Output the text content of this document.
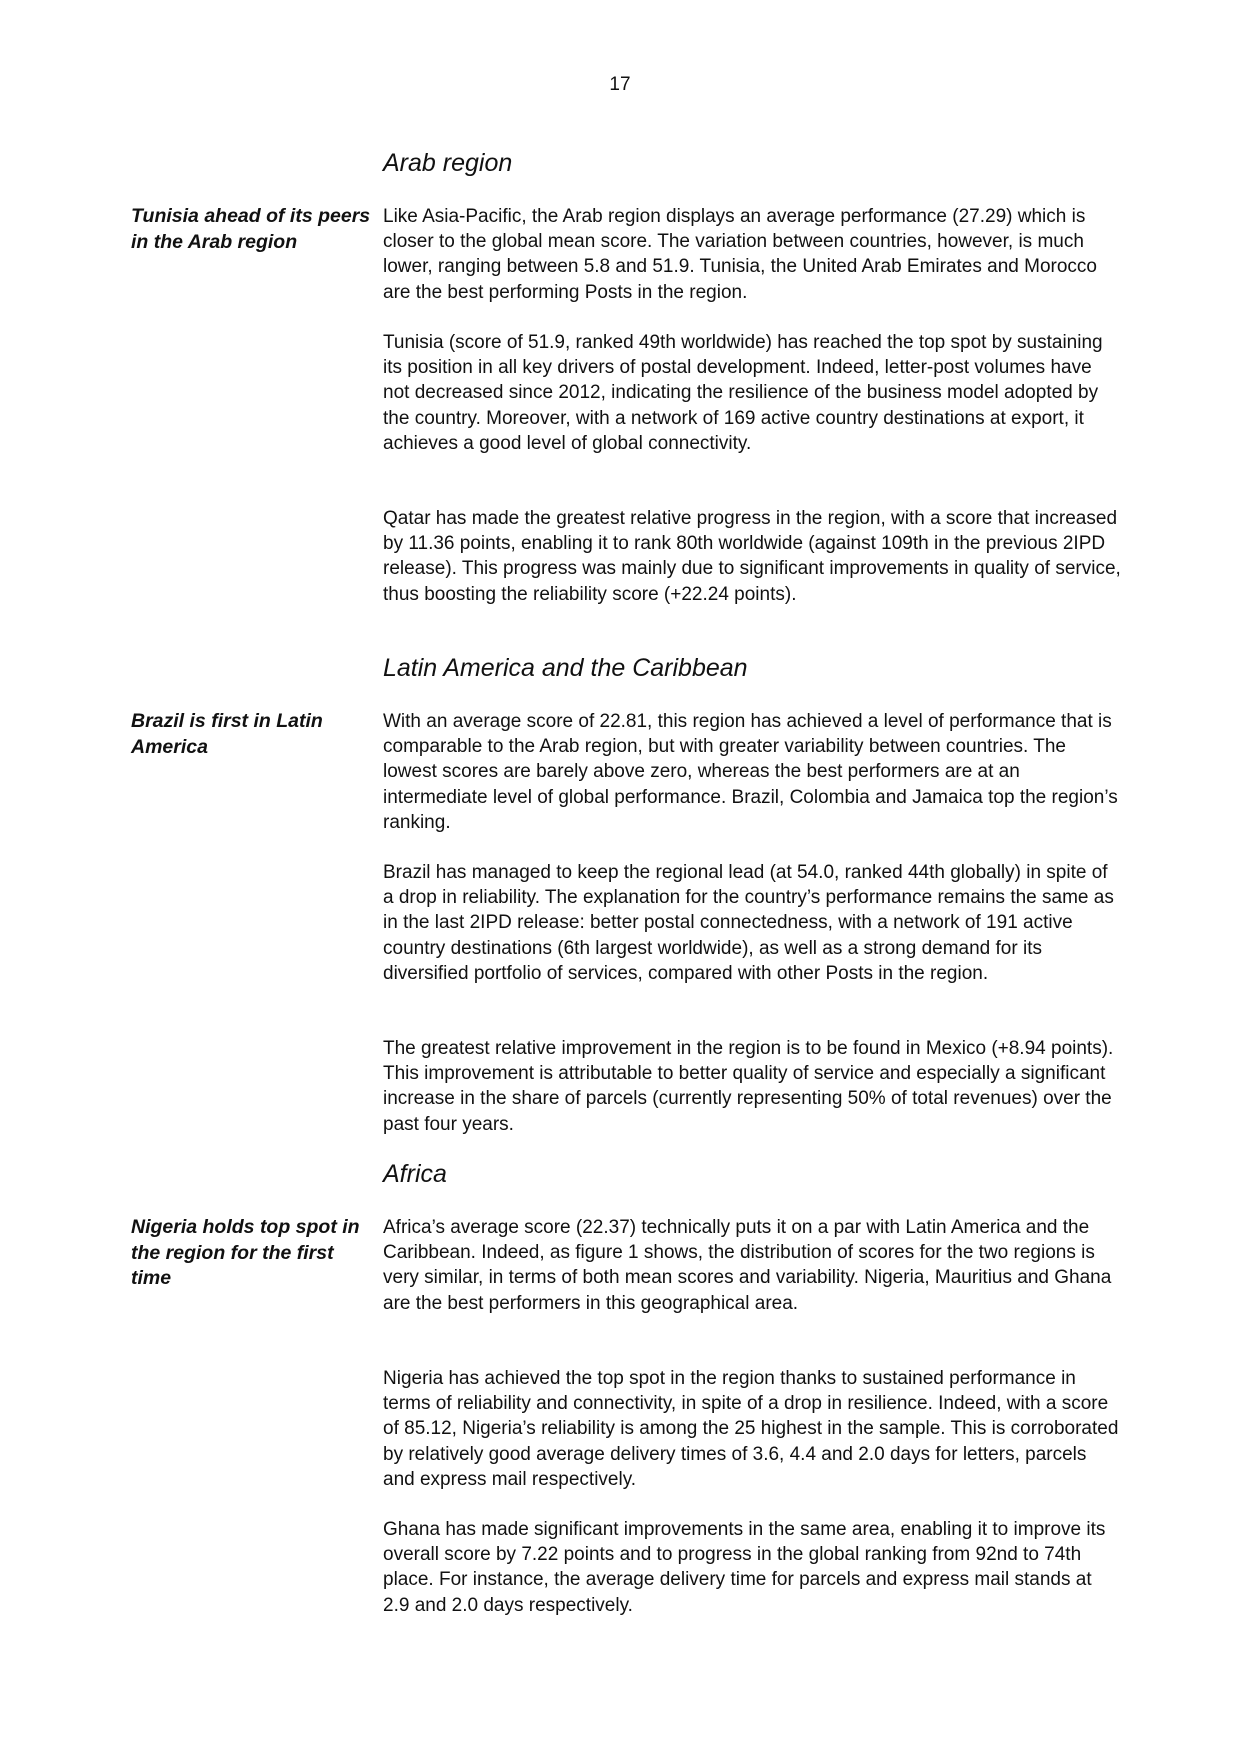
17
Arab region

Tunisia ahead of its peers in the Arab region

Like Asia-Pacific, the Arab region displays an average performance (27.29) which is closer to the global mean score. The variation between countries, however, is much lower, ranging between 5.8 and 51.9. Tunisia, the United Arab Emirates and Morocco are the best performing Posts in the region.

Tunisia (score of 51.9, ranked 49th worldwide) has reached the top spot by sustaining its position in all key drivers of postal development. Indeed, letter-post volumes have not decreased since 2012, indicating the resilience of the business model adopted by the country. Moreover, with a network of 169 active country destinations at export, it achieves a good level of global connectivity.

Qatar has made the greatest relative progress in the region, with a score that increased by 11.36 points, enabling it to rank 80th worldwide (against 109th in the previous 2IPD release). This progress was mainly due to significant improvements in quality of service, thus boosting the reliability score (+22.24 points).

Latin America and the Caribbean

Brazil is first in Latin America

With an average score of 22.81, this region has achieved a level of performance that is comparable to the Arab region, but with greater variability between countries. The lowest scores are barely above zero, whereas the best performers are at an intermediate level of global performance. Brazil, Colombia and Jamaica top the region’s ranking.

Brazil has managed to keep the regional lead (at 54.0, ranked 44th globally) in spite of a drop in reliability. The explanation for the country’s performance remains the same as in the last 2IPD release: better postal connectedness, with a network of 191 active country destinations (6th largest worldwide), as well as a strong demand for its diversified portfolio of services, compared with other Posts in the region.

The greatest relative improvement in the region is to be found in Mexico (+8.94 points). This improvement is attributable to better quality of service and especially a significant increase in the share of parcels (currently representing 50% of total revenues) over the past four years.

Africa

Nigeria holds top spot in the region for the first time

Africa’s average score (22.37) technically puts it on a par with Latin America and the Caribbean. Indeed, as figure 1 shows, the distribution of scores for the two regions is very similar, in terms of both mean scores and variability. Nigeria, Mauritius and Ghana are the best performers in this geographical area.

Nigeria has achieved the top spot in the region thanks to sustained performance in terms of reliability and connectivity, in spite of a drop in resilience. Indeed, with a score of 85.12, Nigeria’s reliability is among the 25 highest in the sample. This is corroborated by relatively good average delivery times of 3.6, 4.4 and 2.0 days for letters, parcels and express mail respectively.

Ghana has made significant improvements in the same area, enabling it to improve its overall score by 7.22 points and to progress in the global ranking from 92nd to 74th place. For instance, the average delivery time for parcels and express mail stands at 2.9 and 2.0 days respectively.
